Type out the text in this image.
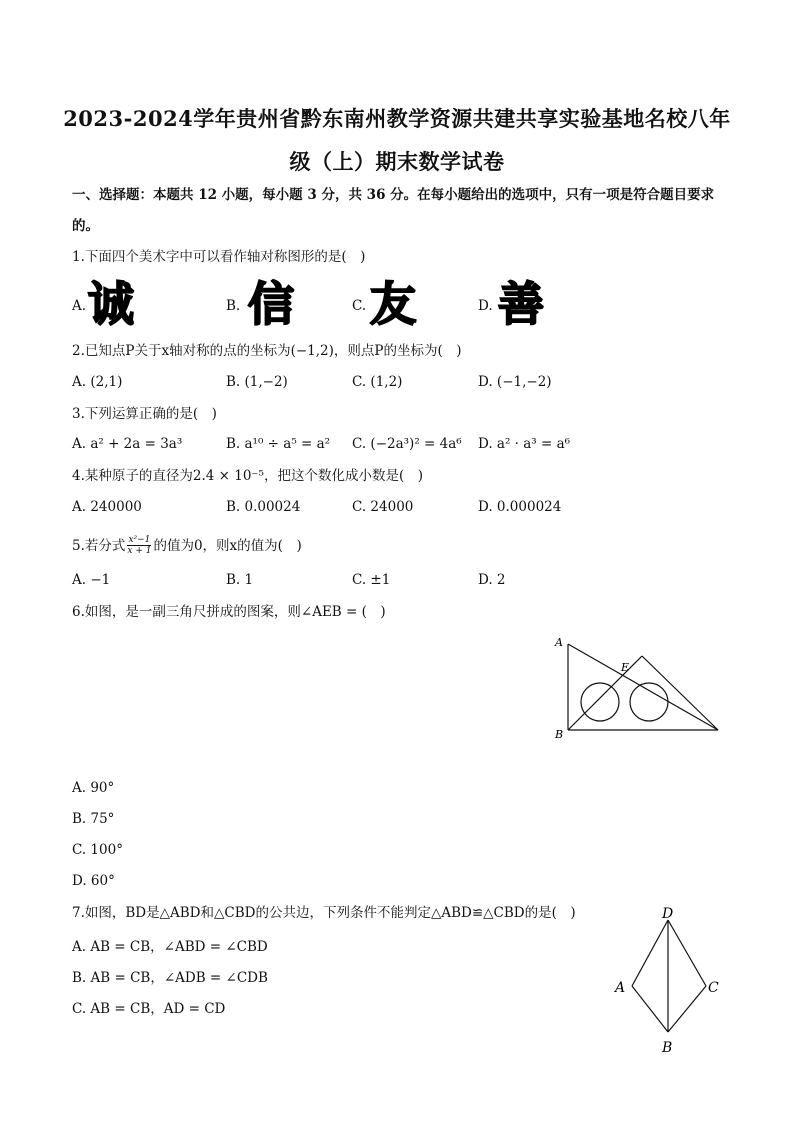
2023-2024学年贵州省黔东南州教学资源共建共享实验基地名校八年
级（上）期末数学试卷
一、选择题：本题共 12 小题，每小题 3 分，共 36 分。在每小题给出的选项中，只有一项是符合题目要求
的。
1.下面四个美术字中可以看作轴对称图形的是(　)
A. 诚	B. 信	C. 友	D. 善
2.已知点P关于x轴对称的点的坐标为(−1,2)，则点P的坐标为(　)
A. (2,1)	B. (1,−2)	C. (1,2)	D. (−1,−2)
3.下列运算正确的是(　)
A. a² + 2a = 3a³	B. a¹⁰ ÷ a⁵ = a² C. (−2a³)² = 4a⁶ D. a² · a³ = a⁶
4.某种原子的直径为2.4 × 10⁻⁵，把这个数化成小数是(　)
A. 240000	B. 0.00024	C. 24000	D. 0.000024
5.若分式 $\frac{\text{x²−1}}{x + 1}$ 的值为0，则x的值为(　)
A. −1	B. 1	C. ±1	D. 2
6.如图，是一副三角尺拼成的图案，则∠AEB = (　)
A
E
B
A. 90°
B. 75°
C. 100°
D. 60°
7.如图，BD是△ABD和△CBD的公共边，下列条件不能判定△ABD≌△CBD的是(　)	D
A	C
B
A. AB = CB，∠ABD = ∠CBD
B. AB = CB，∠ADB = ∠CDB
C. AB = CB，AD = CD
